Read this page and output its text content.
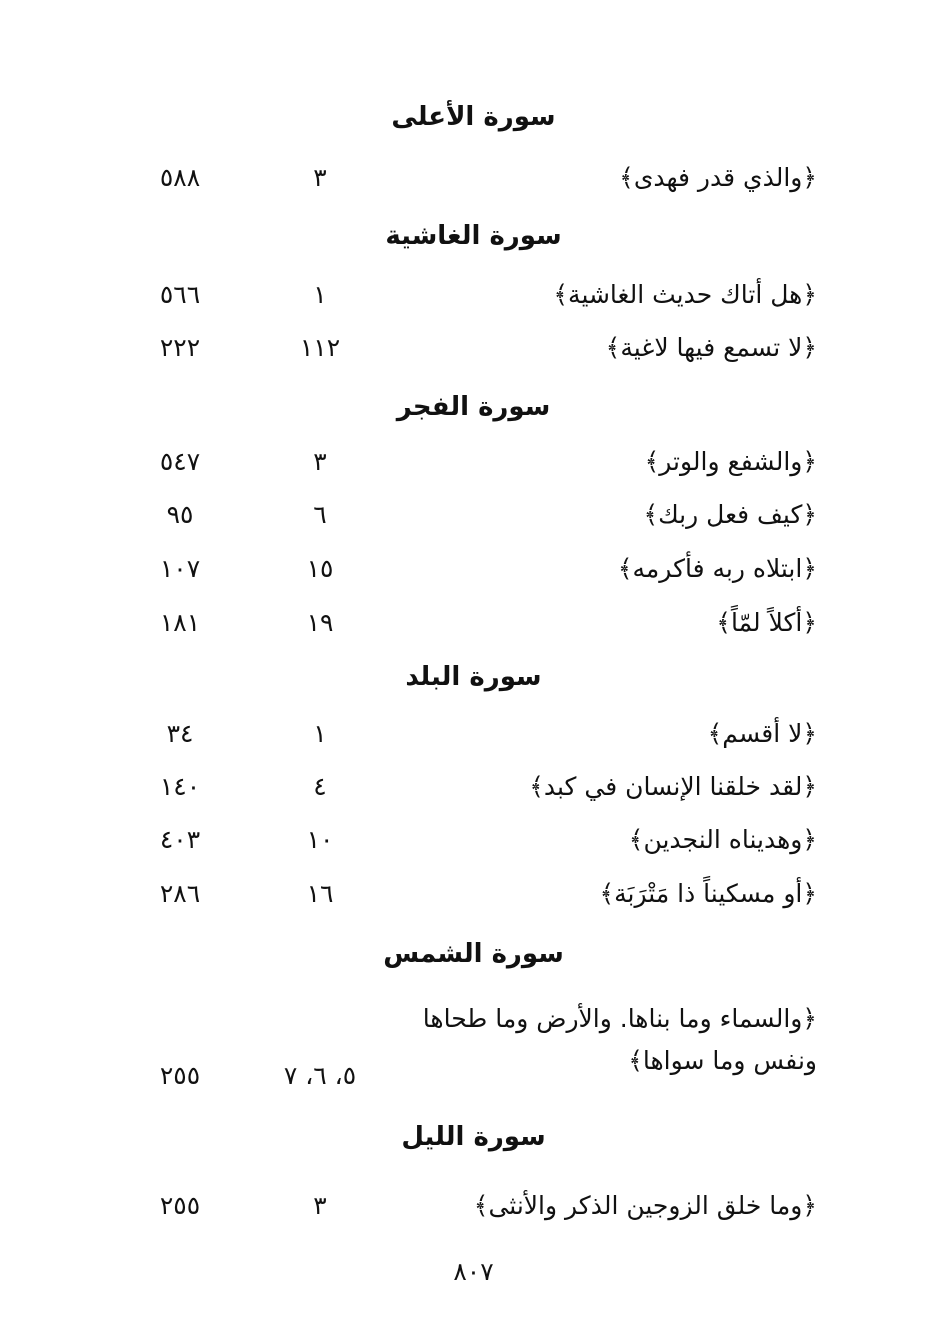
سورة الأعلى
﴿والذي قدر فهدى﴾
٣
٥٨٨
سورة الغاشية
﴿هل أتاك حديث الغاشية﴾
١
٥٦٦
﴿لا تسمع فيها لاغية﴾
١١٢
٢٢٢
سورة الفجر
﴿والشفع والوتر﴾
٣
٥٤٧
﴿كيف فعل ربك﴾
٦
٩٥
﴿ابتلاه ربه فأكرمه﴾
١٥
١٠٧
﴿أكلاً لمّاً﴾
١٩
١٨١
سورة البلد
﴿لا أقسم﴾
١
٣٤
﴿لقد خلقنا الإنسان في كبد﴾
٤
١٤٠
﴿وهديناه النجدين﴾
١٠
٤٠٣
﴿أو مسكيناً ذا مَتْرَبَة﴾
١٦
٢٨٦
سورة الشمس
﴿والسماء وما بناها. والأرض وما طحاها
ونفس وما سواها﴾
٥، ٦، ٧
٢٥٥
سورة الليل
﴿وما خلق الزوجين الذكر والأنثى﴾
٣
٢٥٥
٨٠٧
